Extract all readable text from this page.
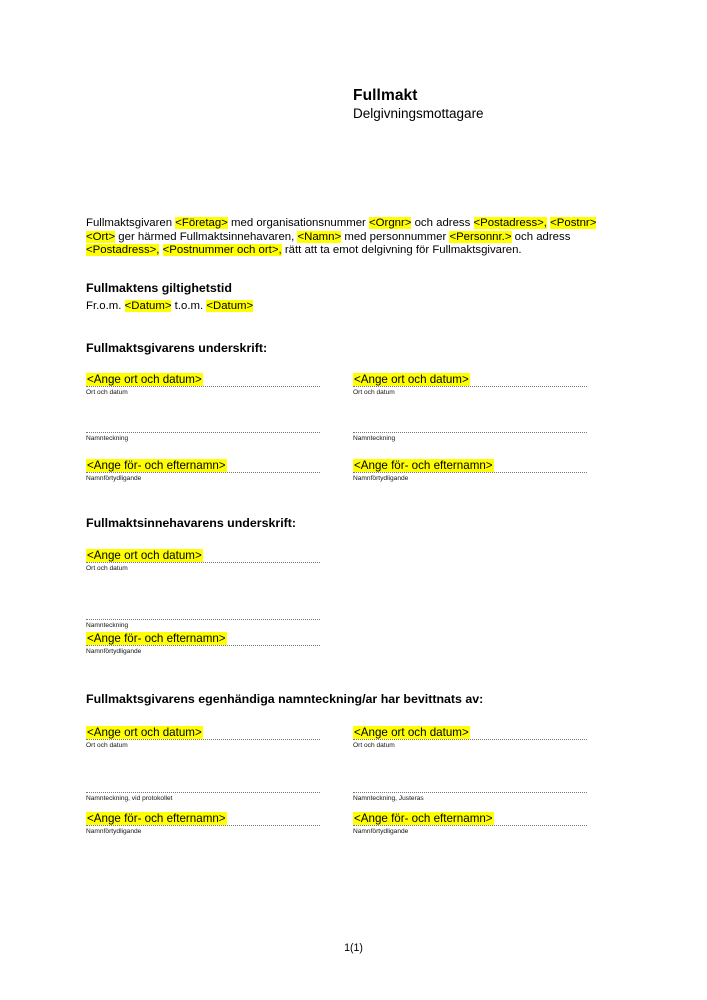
Fullmakt
Delgivningsmottagare

Fullmaktsgivaren <Företag> med organisationsnummer <Orgnr> och adress <Postadress>, <Postnr> <Ort> ger härmed Fullmaktsinnehavaren, <Namn> med personnummer <Personnr.> och adress <Postadress>, <Postnummer och ort>, rätt att ta emot delgivning för Fullmaktsgivaren.

Fullmaktens giltighetstid
Fr.o.m. <Datum> t.o.m. <Datum>
Fullmaktsgivarens underskrift:
<Ange ort och datum>
Ort och datum
Namnteckning
<Ange för- och efternamn>
Namnförtydligande
<Ange ort och datum>
Ort och datum
Namnteckning
<Ange för- och efternamn>
Namnförtydligande
Fullmaktsinnehavarens underskrift:
<Ange ort och datum>
Ort och datum
Namnteckning
<Ange för- och efternamn>
Namnförtydligande
Fullmaktsgivarens egenhändiga namnteckning/ar har bevittnats av:
<Ange ort och datum>
Ort och datum
Namnteckning, vid protokollet
<Ange för- och efternamn>
Namnförtydligande
<Ange ort och datum>
Ort och datum
Namnteckning, Justeras
<Ange för- och efternamn>
Namnförtydligande
1(1)
